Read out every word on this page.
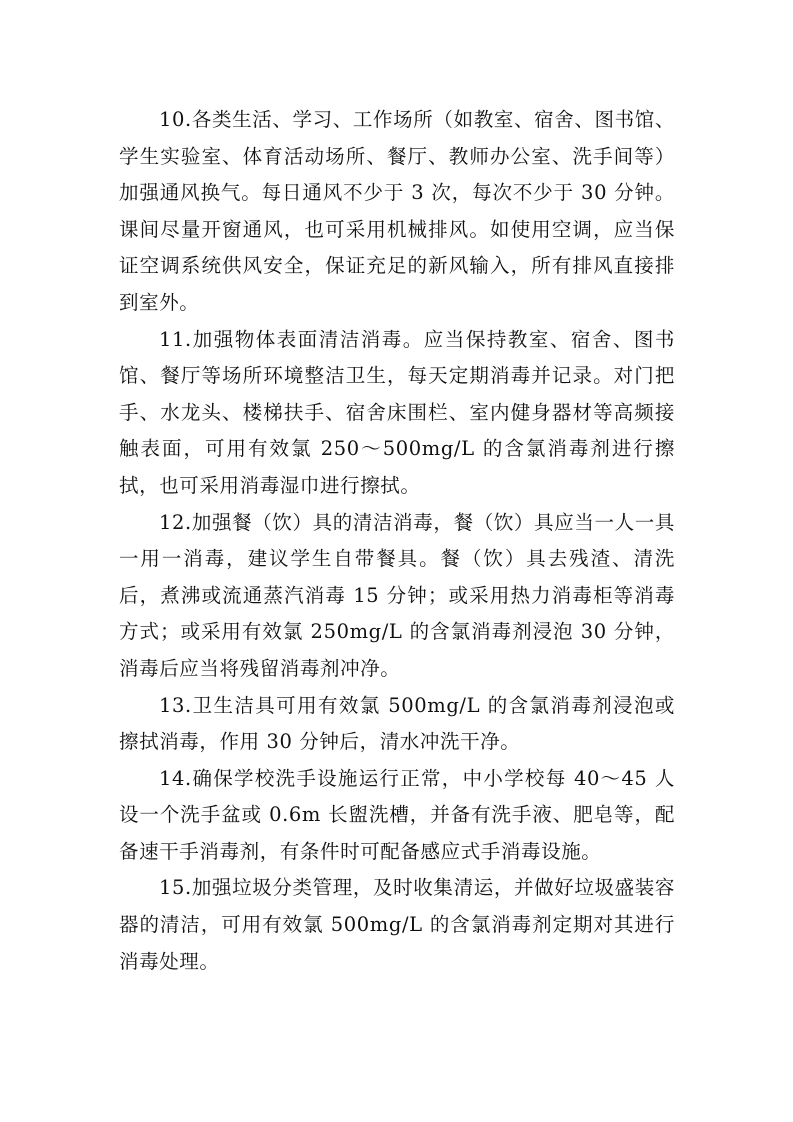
10.各类生活、学习、工作场所（如教室、宿舍、图书馆、学生实验室、体育活动场所、餐厅、教师办公室、洗手间等）加强通风换气。每日通风不少于 3 次，每次不少于 30 分钟。课间尽量开窗通风，也可采用机械排风。如使用空调，应当保证空调系统供风安全，保证充足的新风输入，所有排风直接排到室外。

11.加强物体表面清洁消毒。应当保持教室、宿舍、图书馆、餐厅等场所环境整洁卫生，每天定期消毒并记录。对门把手、水龙头、楼梯扶手、宿舍床围栏、室内健身器材等高频接触表面，可用有效氯 250～500mg/L 的含氯消毒剂进行擦拭，也可采用消毒湿巾进行擦拭。

12.加强餐（饮）具的清洁消毒，餐（饮）具应当一人一具一用一消毒，建议学生自带餐具。餐（饮）具去残渣、清洗后，煮沸或流通蒸汽消毒 15 分钟；或采用热力消毒柜等消毒方式；或采用有效氯 250mg/L 的含氯消毒剂浸泡 30 分钟，消毒后应当将残留消毒剂冲净。

13.卫生洁具可用有效氯 500mg/L 的含氯消毒剂浸泡或擦拭消毒，作用 30 分钟后，清水冲洗干净。

14.确保学校洗手设施运行正常，中小学校每 40～45 人设一个洗手盆或 0.6m 长盥洗槽，并备有洗手液、肥皂等，配备速干手消毒剂，有条件时可配备感应式手消毒设施。

15.加强垃圾分类管理，及时收集清运，并做好垃圾盛装容器的清洁，可用有效氯 500mg/L 的含氯消毒剂定期对其进行消毒处理。
